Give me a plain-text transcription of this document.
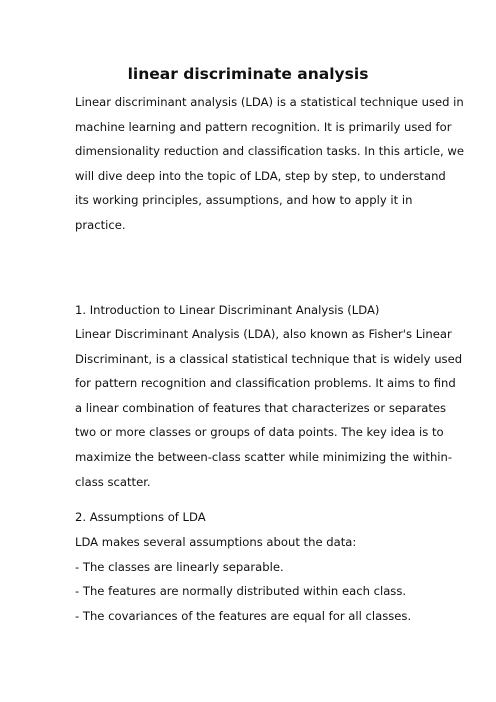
linear discriminate analysis

Linear discriminant analysis (LDA) is a statistical technique used in
machine learning and pattern recognition. It is primarily used for
dimensionality reduction and classification tasks. In this article, we
will dive deep into the topic of LDA, step by step, to understand
its working principles, assumptions, and how to apply it in
practice.

1. Introduction to Linear Discriminant Analysis (LDA)

Linear Discriminant Analysis (LDA), also known as Fisher's Linear
Discriminant, is a classical statistical technique that is widely used
for pattern recognition and classification problems. It aims to find
a linear combination of features that characterizes or separates
two or more classes or groups of data points. The key idea is to
maximize the between-class scatter while minimizing the within-
class scatter.

2. Assumptions of LDA

LDA makes several assumptions about the data:
- The classes are linearly separable.
- The features are normally distributed within each class.
- The covariances of the features are equal for all classes.
